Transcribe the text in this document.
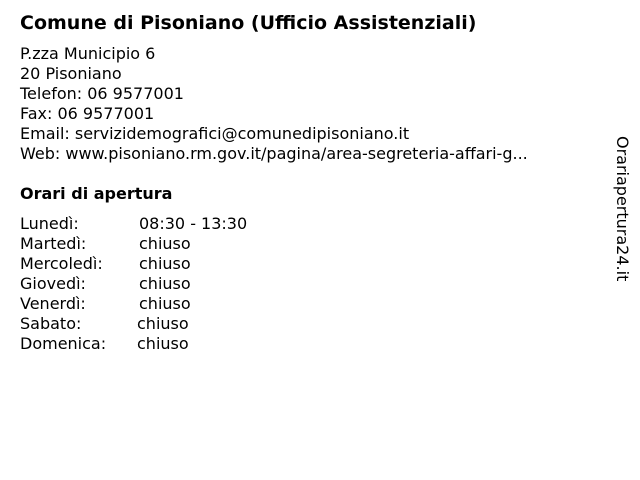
Comune di Pisoniano (Ufficio Assistenziali)
P.zza Municipio 6
20 Pisoniano
Telefon: 06 9577001
Fax: 06 9577001
Email: servizidemografici@comunedipisoniano.it
Web: www.pisoniano.rm.gov.it/pagina/area-segreteria-affari-g...
Orari di apertura
Lunedì:	08:30 - 13:30
Martedì:	chiuso
Mercoledì: chiuso
Giovedì:	chiuso
Venerdì:	chiuso
Sabato:	chiuso
Domenica: chiuso
Orariapertura24.it
